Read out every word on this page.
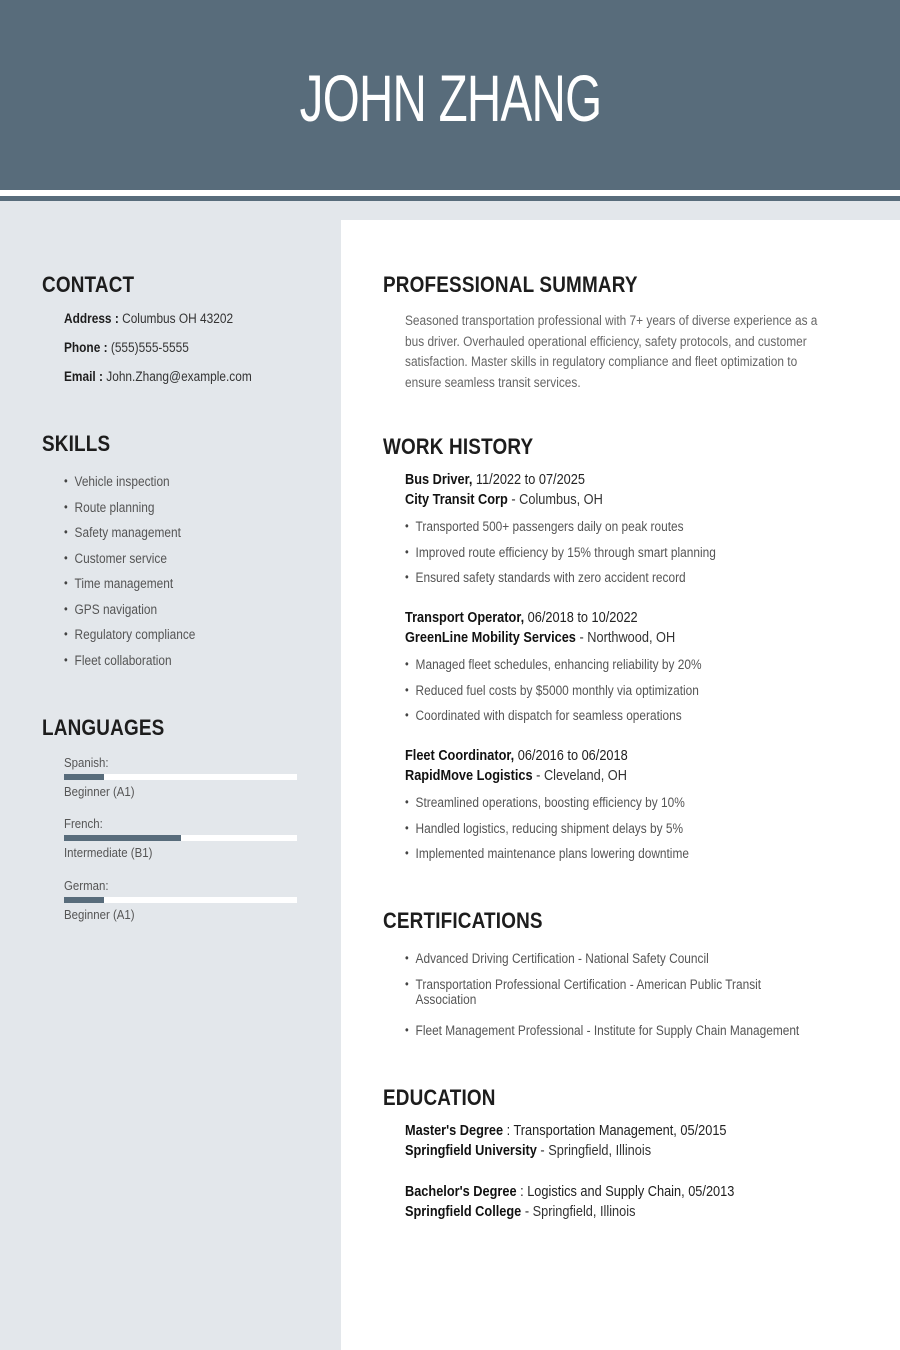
JOHN ZHANG
CONTACT
Address : Columbus OH 43202
Phone : (555)555-5555
Email : John.Zhang@example.com
SKILLS
• Vehicle inspection
• Route planning
• Safety management
• Customer service
• Time management
• GPS navigation
• Regulatory compliance
• Fleet collaboration
LANGUAGES
Spanish:
Beginner (A1)
French:
Intermediate (B1)
German:
Beginner (A1)
PROFESSIONAL SUMMARY
Seasoned transportation professional with 7+ years of diverse experience as a bus driver. Overhauled operational efficiency, safety protocols, and customer satisfaction. Master skills in regulatory compliance and fleet optimization to ensure seamless transit services.
WORK HISTORY
Bus Driver, 11/2022 to 07/2025
City Transit Corp - Columbus, OH
• Transported 500+ passengers daily on peak routes
• Improved route efficiency by 15% through smart planning
• Ensured safety standards with zero accident record
Transport Operator, 06/2018 to 10/2022
GreenLine Mobility Services - Northwood, OH
• Managed fleet schedules, enhancing reliability by 20%
• Reduced fuel costs by $5000 monthly via optimization
• Coordinated with dispatch for seamless operations
Fleet Coordinator, 06/2016 to 06/2018
RapidMove Logistics - Cleveland, OH
• Streamlined operations, boosting efficiency by 10%
• Handled logistics, reducing shipment delays by 5%
• Implemented maintenance plans lowering downtime
CERTIFICATIONS
• Advanced Driving Certification - National Safety Council
• Transportation Professional Certification - American Public Transit Association
• Fleet Management Professional - Institute for Supply Chain Management
EDUCATION
Master's Degree : Transportation Management, 05/2015
Springfield University - Springfield, Illinois
Bachelor's Degree : Logistics and Supply Chain, 05/2013
Springfield College - Springfield, Illinois
